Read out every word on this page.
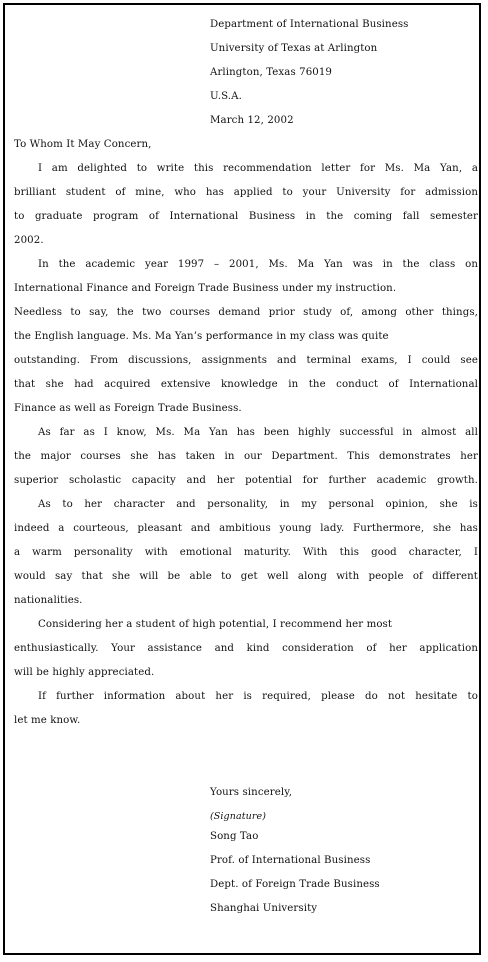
Department of International Business
University of Texas at Arlington
Arlington, Texas 76019
U.S.A.
March 12, 2002
To Whom It May Concern,
I am delighted to write this recommendation letter for Ms. Ma Yan, a
brilliant student of mine, who has applied to your University for admission
to graduate program of International Business in the coming fall semester
2002.
In the academic year 1997 – 2001, Ms. Ma Yan was in the class on
International Finance and Foreign Trade Business under my instruction.
Needless to say, the two courses demand prior study of, among other things,
the English language. Ms. Ma Yan’s performance in my class was quite
outstanding. From discussions, assignments and terminal exams, I could see
that she had acquired extensive knowledge in the conduct of International
Finance as well as Foreign Trade Business.
As far as I know, Ms. Ma Yan has been highly successful in almost all
the major courses she has taken in our Department. This demonstrates her
superior scholastic capacity and her potential for further academic growth.
As to her character and personality, in my personal opinion, she is
indeed a courteous, pleasant and ambitious young lady. Furthermore, she has
a warm personality with emotional maturity. With this good character, I
would say that she will be able to get well along with people of different
nationalities.
Considering her a student of high potential, I recommend her most
enthusiastically. Your assistance and kind consideration of her application
will be highly appreciated.
If further information about her is required, please do not hesitate to
let me know.
Yours sincerely,
(Signature)
Song Tao
Prof. of International Business
Dept. of Foreign Trade Business
Shanghai University
